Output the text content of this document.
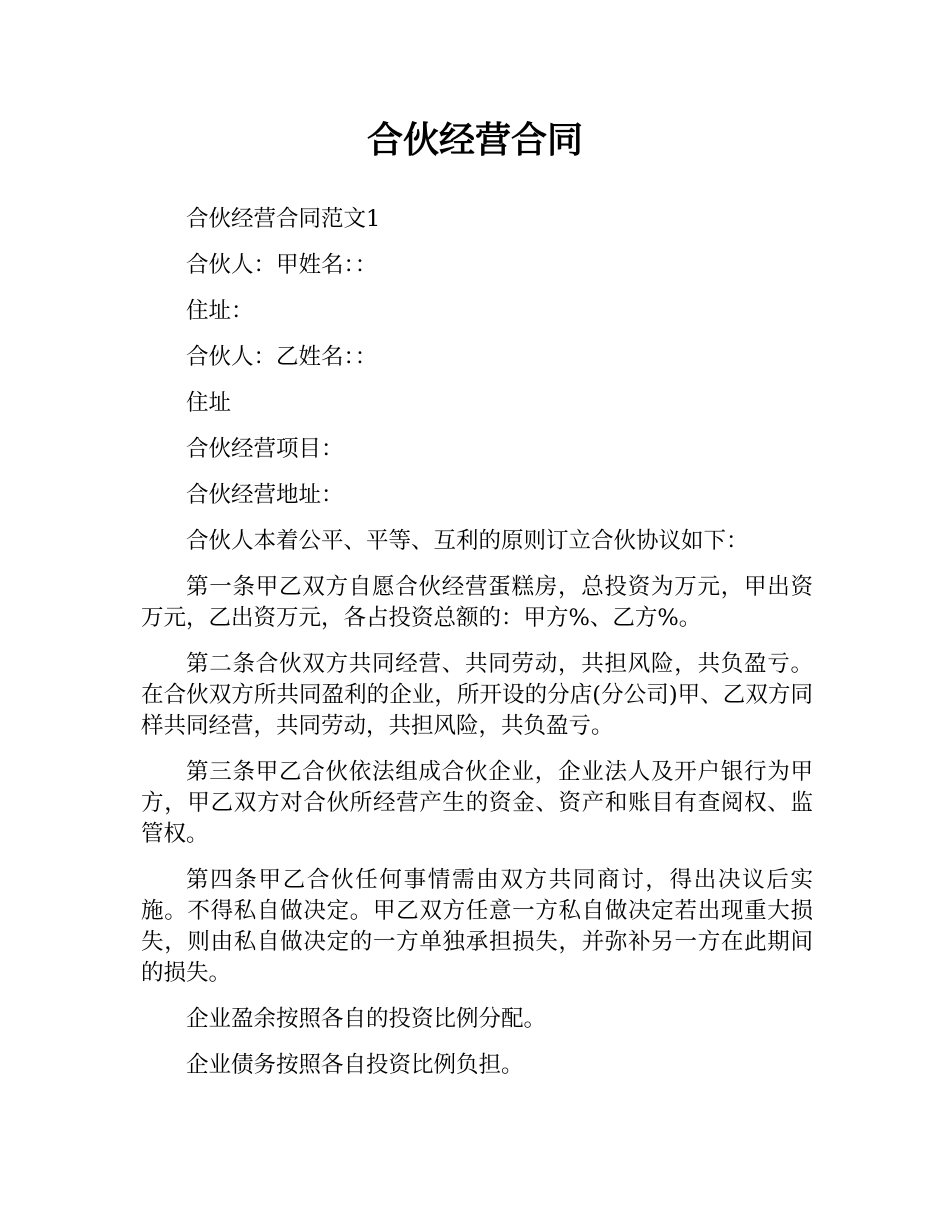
合伙经营合同

合伙经营合同范文1

合伙人：甲姓名：：

住址：

合伙人：乙姓名：：

住址

合伙经营项目：

合伙经营地址：

合伙人本着公平、平等、互利的原则订立合伙协议如下：

第一条甲乙双方自愿合伙经营蛋糕房，总投资为万元，甲出资万元，乙出资万元，各占投资总额的：甲方%、乙方%。

第二条合伙双方共同经营、共同劳动，共担风险，共负盈亏。在合伙双方所共同盈利的企业，所开设的分店(分公司)甲、乙双方同样共同经营，共同劳动，共担风险，共负盈亏。

第三条甲乙合伙依法组成合伙企业，企业法人及开户银行为甲方，甲乙双方对合伙所经营产生的资金、资产和账目有查阅权、监管权。

第四条甲乙合伙任何事情需由双方共同商讨，得出决议后实施。不得私自做决定。甲乙双方任意一方私自做决定若出现重大损失，则由私自做决定的一方单独承担损失，并弥补另一方在此期间的损失。

企业盈余按照各自的投资比例分配。

企业债务按照各自投资比例负担。
